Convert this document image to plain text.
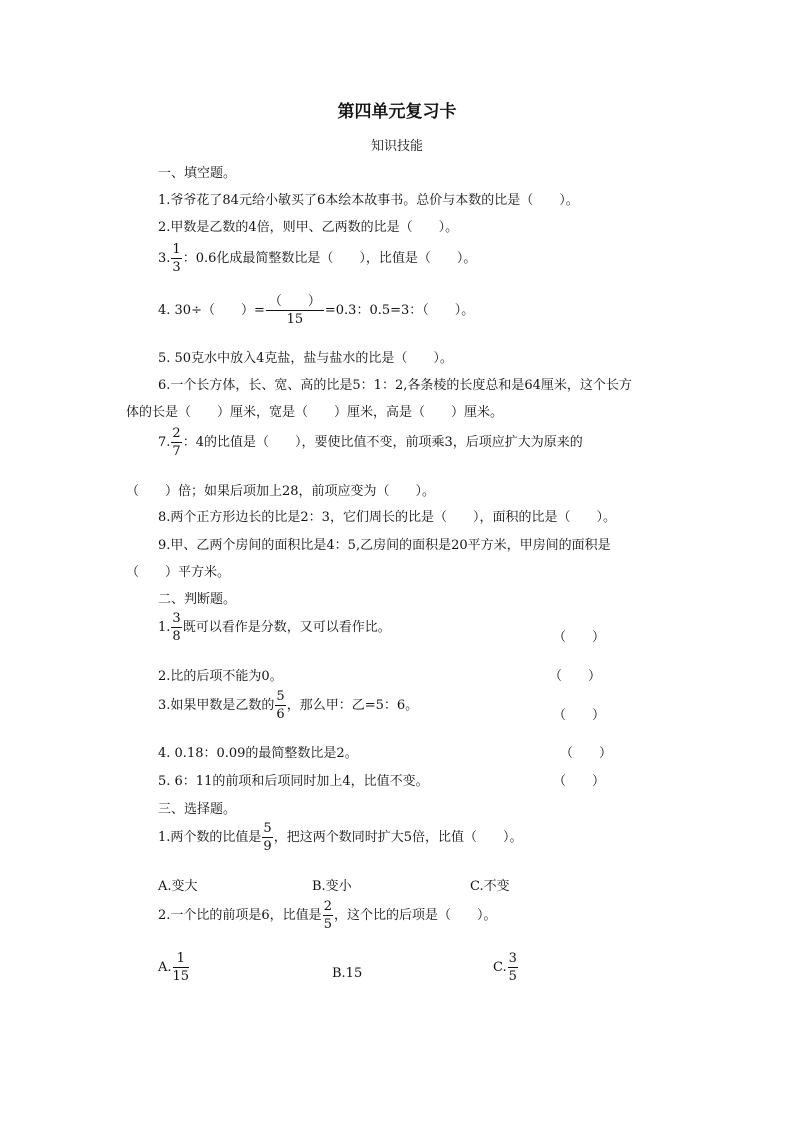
第四单元复习卡
知识技能
一、填空题。
1.爷爷花了84元给小敏买了6本绘本故事书。总价与本数的比是（　　）。
2.甲数是乙数的4倍，则甲、乙两数的比是（　　）。
3. $\frac{1}{3}$ ：0.6化成最简整数比是（　　），比值是（　　）。
4. 30÷（　　）= $\frac{( )}{15} =0.3$：0.5=3：（　　）。
5. 50克水中放入4克盐，盐与盐水的比是（　　）。
6.一个长方体，长、宽、高的比是5：1：2,各条棱的长度总和是64厘米，这个长方
体的长是（　　）厘米，宽是（　　）厘米，高是（　　）厘米。
7. $\frac{2}{7}$ ：4的比值是（　　），要使比值不变，前项乘3，后项应扩大为原来的
（　　）倍；如果后项加上28，前项应变为（　　）。
8.两个正方形边长的比是2：3，它们周长的比是（　　），面积的比是（　　）。
9.甲、乙两个房间的面积比是4：5,乙房间的面积是20平方米，甲房间的面积是
（　　）平方米。
二、判断题。
1. $\frac{3}{8}$ 既可以看作是分数，又可以看作比。
（　　）
2.比的后项不能为0。	（　　）
3.如果甲数是乙数的 $\frac{5}{6}$ ，那么甲：乙=5：6。
（　　）
4. 0.18：0.09的最简整数比是2。	（　　）
5. 6：11的前项和后项同时加上4，比值不变。	（　　）
三、选择题。
1.两个数的比值是 $\frac{5}{9}$ ，把这两个数同时扩大5倍，比值（　　）。
A.变大	B.变小	C.不变
2.一个比的前项是6，比值是 $\frac{2}{5}$ ，这个比的后项是（　　）。
A. $\frac{1}{15}$	B.15	C. $\frac{3}{5}$
